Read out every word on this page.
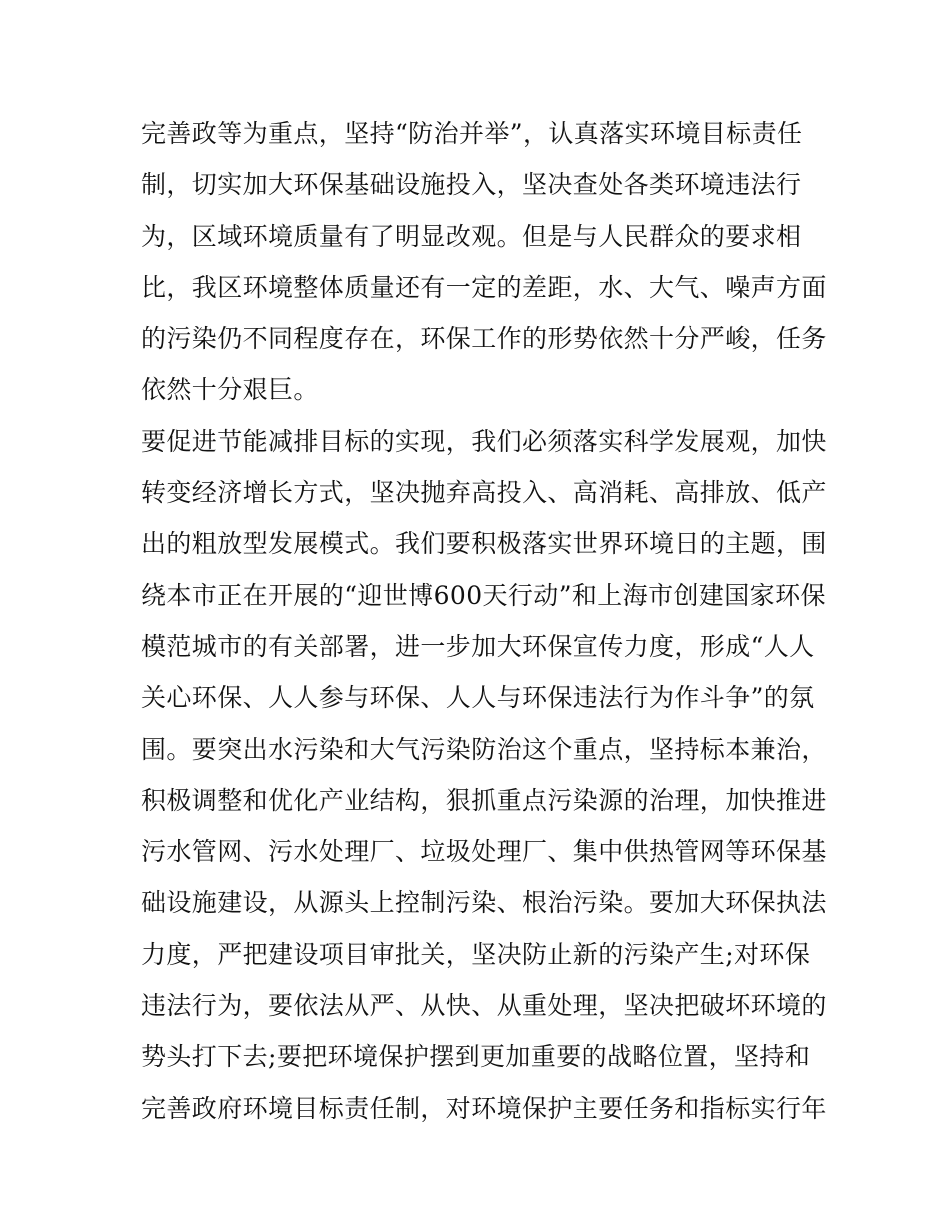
完善政等为重点，坚持“防治并举”，认真落实环境目标责任
制，切实加大环保基础设施投入，坚决查处各类环境违法行
为，区域环境质量有了明显改观。但是与人民群众的要求相
比，我区环境整体质量还有一定的差距，水、大气、噪声方面
的污染仍不同程度存在，环保工作的形势依然十分严峻，任务
依然十分艰巨。
要促进节能减排目标的实现，我们必须落实科学发展观，加快
转变经济增长方式，坚决抛弃高投入、高消耗、高排放、低产
出的粗放型发展模式。我们要积极落实世界环境日的主题，围
绕本市正在开展的“迎世博600天行动”和上海市创建国家环保
模范城市的有关部署，进一步加大环保宣传力度，形成“人人
关心环保、人人参与环保、人人与环保违法行为作斗争”的氛
围。要突出水污染和大气污染防治这个重点，坚持标本兼治，
积极调整和优化产业结构，狠抓重点污染源的治理，加快推进
污水管网、污水处理厂、垃圾处理厂、集中供热管网等环保基
础设施建设，从源头上控制污染、根治污染。要加大环保执法
力度，严把建设项目审批关，坚决防止新的污染产生;对环保
违法行为，要依法从严、从快、从重处理，坚决把破坏环境的
势头打下去;要把环境保护摆到更加重要的战略位置，坚持和
完善政府环境目标责任制，对环境保护主要任务和指标实行年
